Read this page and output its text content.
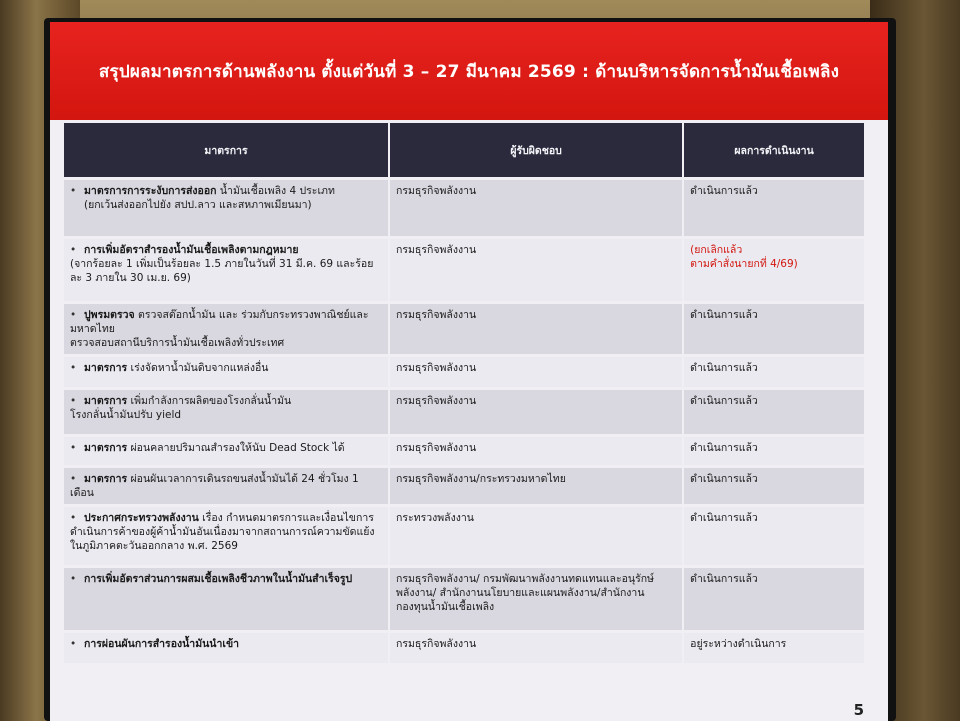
สรุปผลมาตรการด้านพลังงาน ตั้งแต่วันที่ 3 – 27 มีนาคม 2569 : ด้านบริหารจัดการน้ำมันเชื้อเพลิง
มาตรการ	ผู้รับผิดชอบ	ผลการดำเนินงาน
• มาตรการการระงับการส่งออก น้ำมันเชื้อเพลิง 4 ประเภท
(ยกเว้นส่งออกไปยัง สปป.ลาว และสหภาพเมียนมา)	กรมธุรกิจพลังงาน	ดำเนินการแล้ว
• การเพิ่มอัตราสำรองน้ำมันเชื้อเพลิงตามกฎหมาย
(จากร้อยละ 1 เพิ่มเป็นร้อยละ 1.5 ภายในวันที่ 31 มี.ค. 69 และร้อยละ 3 ภายใน 30 เม.ย. 69)	กรมธุรกิจพลังงาน	(ยกเลิกแล้ว
ตามคำสั่งนายกที่ 4/69)
• ปูพรมตรวจ ตรวจสต๊อกน้ำมัน และ ร่วมกับกระทรวงพาณิชย์และมหาดไทย
ตรวจสอบสถานีบริการน้ำมันเชื้อเพลิงทั่วประเทศ	กรมธุรกิจพลังงาน	ดำเนินการแล้ว
• มาตรการ เร่งจัดหาน้ำมันดิบจากแหล่งอื่น	กรมธุรกิจพลังงาน	ดำเนินการแล้ว
• มาตรการ เพิ่มกำลังการผลิตของโรงกลั่นน้ำมัน
โรงกลั่นน้ำมันปรับ yield	กรมธุรกิจพลังงาน	ดำเนินการแล้ว
• มาตรการ ผ่อนคลายปริมาณสำรองให้นับ Dead Stock ได้	กรมธุรกิจพลังงาน	ดำเนินการแล้ว
• มาตรการ ผ่อนผันเวลาการเดินรถขนส่งน้ำมันได้ 24 ชั่วโมง 1 เดือน	กรมธุรกิจพลังงาน/กระทรวงมหาดไทย	ดำเนินการแล้ว
• ประกาศกระทรวงพลังงาน เรื่อง กำหนดมาตรการและเงื่อนไขการดำเนินการค้าของผู้ค้าน้ำมันอันเนื่องมาจากสถานการณ์ความขัดแย้งในภูมิภาคตะวันออกกลาง พ.ศ. 2569	กระทรวงพลังงาน	ดำเนินการแล้ว
• การเพิ่มอัตราส่วนการผสมเชื้อเพลิงชีวภาพในน้ำมันสำเร็จรูป	กรมธุรกิจพลังงาน/ กรมพัฒนาพลังงานทดแทนและอนุรักษ์พลังงาน/ สำนักงานนโยบายและแผนพลังงาน/สำนักงานกองทุนน้ำมันเชื้อเพลิง	ดำเนินการแล้ว
• การผ่อนผันการสำรองน้ำมันนำเข้า	กรมธุรกิจพลังงาน	อยู่ระหว่างดำเนินการ
5
